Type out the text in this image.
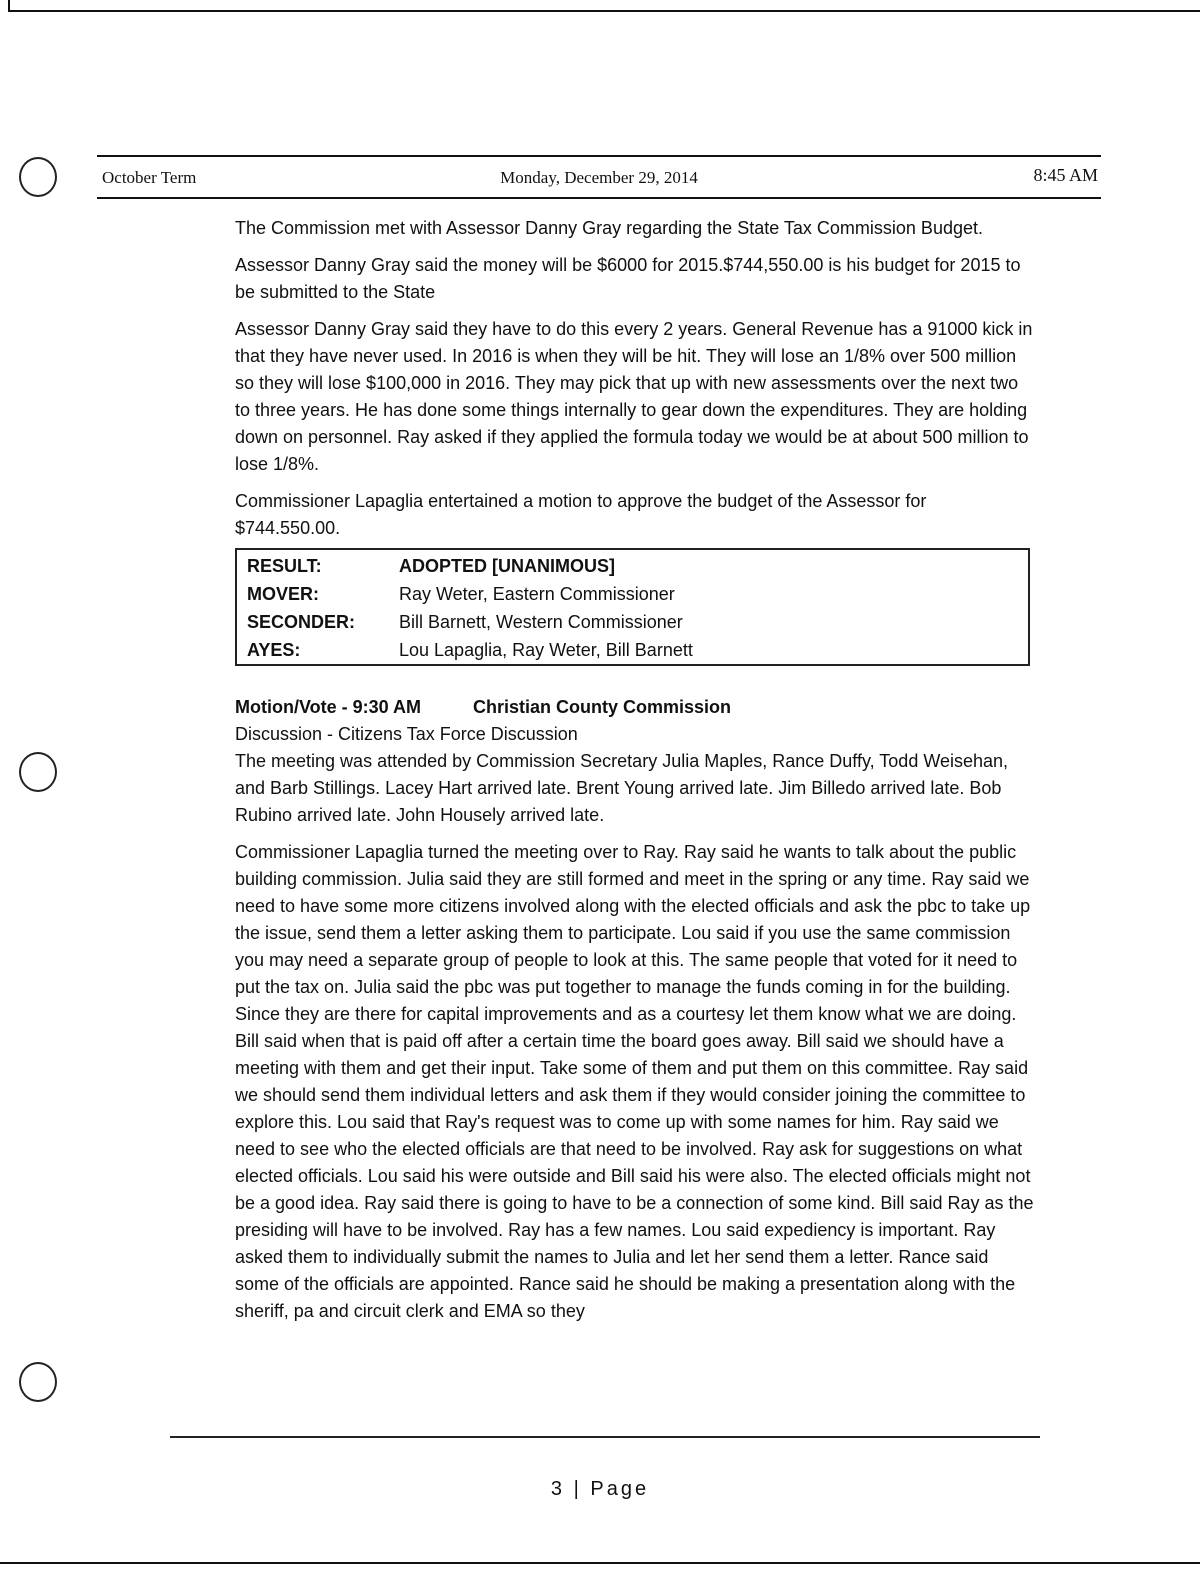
October Term	Monday, December 29, 2014	8:45 AM

The Commission met with Assessor Danny Gray regarding the State Tax Commission Budget.

Assessor Danny Gray said the money will be $6000 for 2015.$744,550.00 is his budget for 2015 to be submitted to the State

Assessor Danny Gray said they have to do this every 2 years. General Revenue has a 91000 kick in that they have never used. In 2016 is when they will be hit. They will lose an 1/8% over 500 million so they will lose $100,000 in 2016. They may pick that up with new assessments over the next two to three years. He has done some things internally to gear down the expenditures. They are holding down on personnel. Ray asked if they applied the formula today we would be at about 500 million to lose 1/8%.

Commissioner Lapaglia entertained a motion to approve the budget of the Assessor for $744.550.00.

RESULT:	ADOPTED [UNANIMOUS]
MOVER:	Ray Weter, Eastern Commissioner
SECONDER:	Bill Barnett, Western Commissioner
AYES:	Lou Lapaglia, Ray Weter, Bill Barnett
Motion/Vote - 9:30 AM	Christian County Commission
Discussion - Citizens Tax Force Discussion

The meeting was attended by Commission Secretary Julia Maples, Rance Duffy, Todd Weisehan, and Barb Stillings. Lacey Hart arrived late. Brent Young arrived late. Jim Billedo arrived late. Bob Rubino arrived late. John Housely arrived late.

Commissioner Lapaglia turned the meeting over to Ray. Ray said he wants to talk about the public building commission. Julia said they are still formed and meet in the spring or any time. Ray said we need to have some more citizens involved along with the elected officials and ask the pbc to take up the issue, send them a letter asking them to participate. Lou said if you use the same commission you may need a separate group of people to look at this. The same people that voted for it need to put the tax on. Julia said the pbc was put together to manage the funds coming in for the building. Since they are there for capital improvements and as a courtesy let them know what we are doing. Bill said when that is paid off after a certain time the board goes away. Bill said we should have a meeting with them and get their input. Take some of them and put them on this committee. Ray said we should send them individual letters and ask them if they would consider joining the committee to explore this. Lou said that Ray's request was to come up with some names for him. Ray said we need to see who the elected officials are that need to be involved. Ray ask for suggestions on what elected officials. Lou said his were outside and Bill said his were also. The elected officials might not be a good idea. Ray said there is going to have to be a connection of some kind. Bill said Ray as the presiding will have to be involved. Ray has a few names. Lou said expediency is important. Ray asked them to individually submit the names to Julia and let her send them a letter. Rance said some of the officials are appointed. Rance said he should be making a presentation along with the sheriff, pa and circuit clerk and EMA so they

3 | Page
